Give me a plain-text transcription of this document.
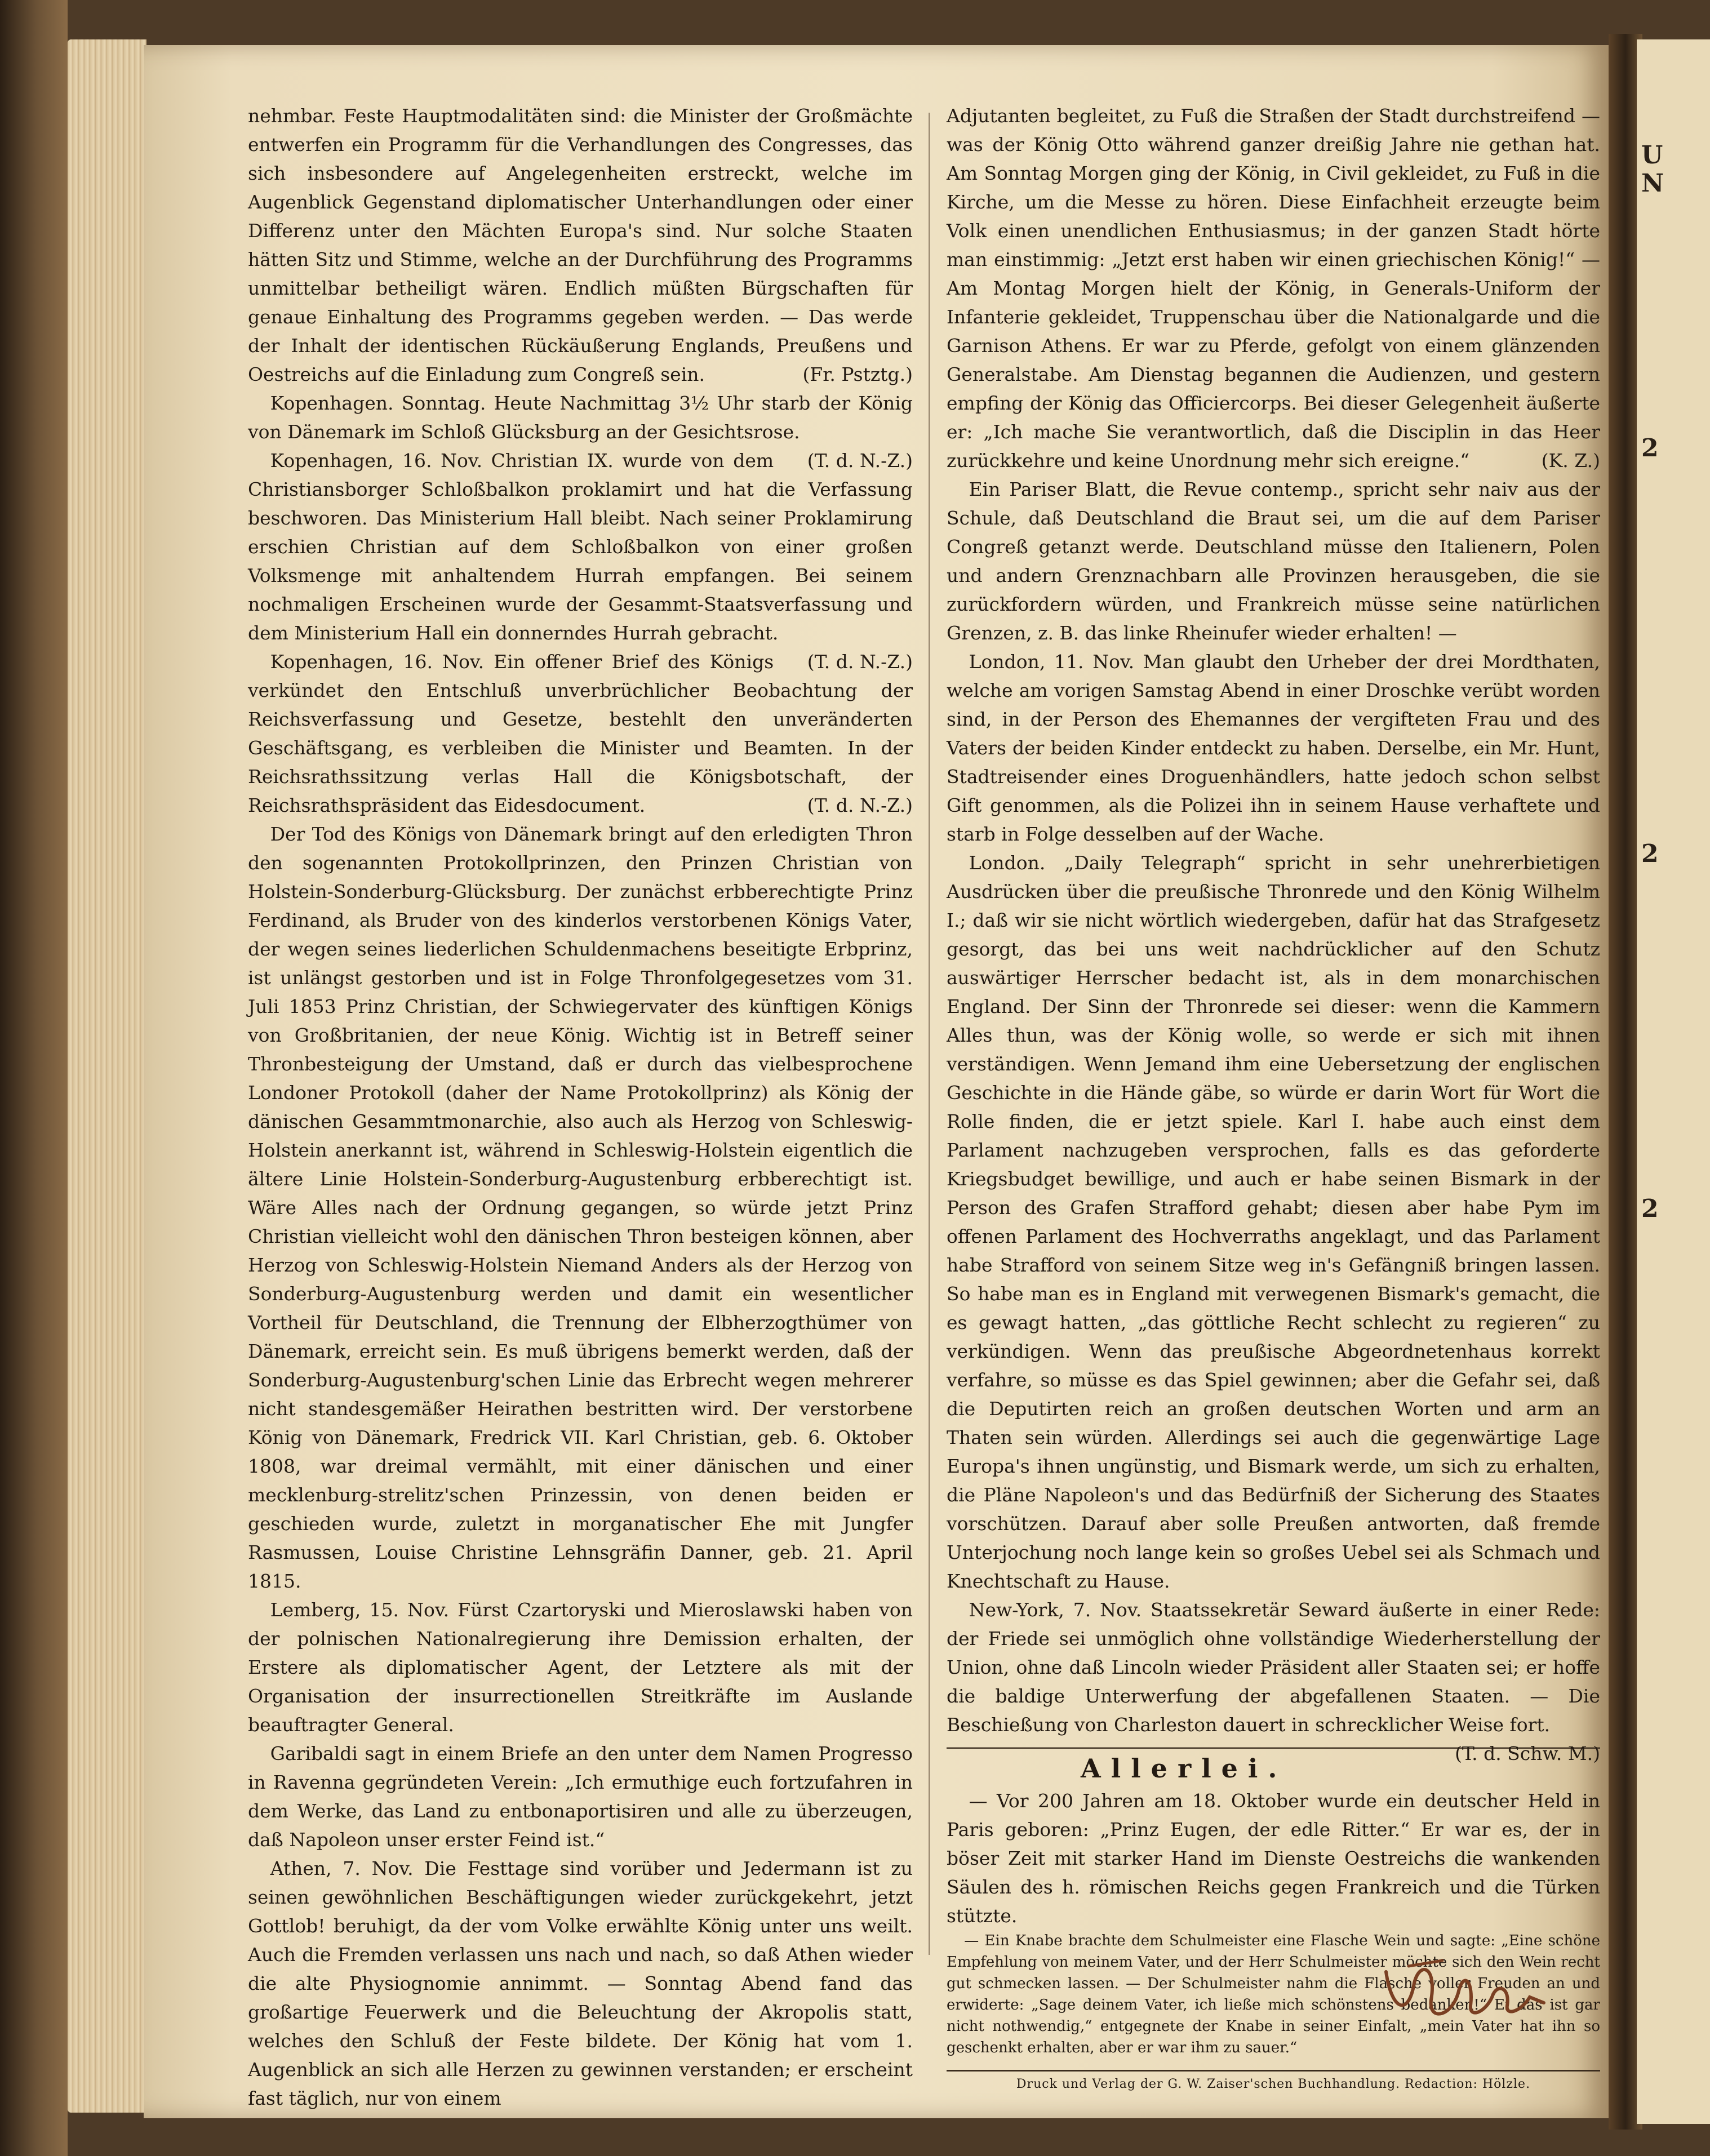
nehmbar. Feste Hauptmodalitäten sind: die Minister der Großmächte entwerfen ein Programm für die Verhandlungen des Congresses, das sich insbesondere auf Angelegenheiten erstreckt, welche im Augenblick Gegenstand diplomatischer Unterhandlungen oder einer Differenz unter den Mächten Europa's sind. Nur solche Staaten hätten Sitz und Stimme, welche an der Durchführung des Programms unmittelbar betheiligt wären. Endlich müßten Bürgschaften für genaue Einhaltung des Programms gegeben werden. — Das werde der Inhalt der identischen Rückäußerung Englands, Preußens und Oestreichs auf die Einladung zum Congreß sein.	(Fr. Pstztg.)

Kopenhagen. Sonntag. Heute Nachmittag 3½ Uhr starb der König von Dänemark im Schloß Glücksburg an der Gesichtsrose.
(T. d. N.-Z.)

Kopenhagen, 16. Nov. Christian IX. wurde von dem Christiansborger Schloßbalkon proklamirt und hat die Verfassung beschworen. Das Ministerium Hall bleibt. Nach seiner Proklamirung erschien Christian auf dem Schloßbalkon von einer großen Volksmenge mit anhaltendem Hurrah empfangen. Bei seinem nochmaligen Erscheinen wurde der Gesammt-Staatsverfassung und dem Ministerium Hall ein donnerndes Hurrah gebracht.
(T. d. N.-Z.)

Kopenhagen, 16. Nov. Ein offener Brief des Königs verkündet den Entschluß unverbrüchlicher Beobachtung der Reichsverfassung und Gesetze, bestehlt den unveränderten Geschäftsgang, es verbleiben die Minister und Beamten. In der Reichsrathssitzung verlas Hall die Königsbotschaft, der Reichsrathspräsident das Eidesdocument.	(T. d. N.-Z.)

Der Tod des Königs von Dänemark bringt auf den erledigten Thron den sogenannten Protokollprinzen, den Prinzen Christian von Holstein-Sonderburg-Glücksburg. Der zunächst erbberechtigte Prinz Ferdinand, als Bruder von des kinderlos verstorbenen Königs Vater, der wegen seines liederlichen Schuldenmachens beseitigte Erbprinz, ist unlängst gestorben und ist in Folge Thronfolgegesetzes vom 31. Juli 1853 Prinz Christian, der Schwiegervater des künftigen Königs von Großbritanien, der neue König. Wichtig ist in Betreff seiner Thronbesteigung der Umstand, daß er durch das vielbesprochene Londoner Protokoll (daher der Name Protokollprinz) als König der dänischen Gesammtmonarchie, also auch als Herzog von Schleswig-Holstein anerkannt ist, während in Schleswig-Holstein eigentlich die ältere Linie Holstein-Sonderburg-Augustenburg erbberechtigt ist. Wäre Alles nach der Ordnung gegangen, so würde jetzt Prinz Christian vielleicht wohl den dänischen Thron besteigen können, aber Herzog von Schleswig-Holstein Niemand Anders als der Herzog von Sonderburg-Augustenburg werden und damit ein wesentlicher Vortheil für Deutschland, die Trennung der Elbherzogthümer von Dänemark, erreicht sein. Es muß übrigens bemerkt werden, daß der Sonderburg-Augustenburg'schen Linie das Erbrecht wegen mehrerer nicht standesgemäßer Heirathen bestritten wird. Der verstorbene König von Dänemark, Fredrick VII. Karl Christian, geb. 6. Oktober 1808, war dreimal vermählt, mit einer dänischen und einer mecklenburg-strelitz'schen Prinzessin, von denen beiden er geschieden wurde, zuletzt in morganatischer Ehe mit Jungfer Rasmussen, Louise Christine Lehnsgräfin Danner, geb. 21. April 1815.

Lemberg, 15. Nov. Fürst Czartoryski und Mieroslawski haben von der polnischen Nationalregierung ihre Demission erhalten, der Erstere als diplomatischer Agent, der Letztere als mit der Organisation der insurrectionellen Streitkräfte im Auslande beauftragter General.

Garibaldi sagt in einem Briefe an den unter dem Namen Progresso in Ravenna gegründeten Verein: „Ich ermuthige euch fortzufahren in dem Werke, das Land zu entbonaportisiren und alle zu überzeugen, daß Napoleon unser erster Feind ist.“

Athen, 7. Nov. Die Festtage sind vorüber und Jedermann ist zu seinen gewöhnlichen Beschäftigungen wieder zurückgekehrt, jetzt Gottlob! beruhigt, da der vom Volke erwählte König unter uns weilt. Auch die Fremden verlassen uns nach und nach, so daß Athen wieder die alte Physiognomie annimmt. — Sonntag Abend fand das großartige Feuerwerk und die Beleuchtung der Akropolis statt, welches den Schluß der Feste bildete. Der König hat vom 1. Augenblick an sich alle Herzen zu gewinnen verstanden; er erscheint fast täglich, nur von einem

Adjutanten begleitet, zu Fuß die Straßen der Stadt durchstreifend — was der König Otto während ganzer dreißig Jahre nie gethan hat. Am Sonntag Morgen ging der König, in Civil gekleidet, zu Fuß in die Kirche, um die Messe zu hören. Diese Einfachheit erzeugte beim Volk einen unendlichen Enthusiasmus; in der ganzen Stadt hörte man einstimmig: „Jetzt erst haben wir einen griechischen König!“ — Am Montag Morgen hielt der König, in Generals-Uniform der Infanterie gekleidet, Truppenschau über die Nationalgarde und die Garnison Athens. Er war zu Pferde, gefolgt von einem glänzenden Generalstabe. Am Dienstag begannen die Audienzen, und gestern empfing der König das Officiercorps. Bei dieser Gelegenheit äußerte er: „Ich mache Sie verantwortlich, daß die Disciplin in das Heer zurückkehre und keine Unordnung mehr sich ereigne.“	(K. Z.)

Ein Pariser Blatt, die Revue contemp., spricht sehr naiv aus der Schule, daß Deutschland die Braut sei, um die auf dem Pariser Congreß getanzt werde. Deutschland müsse den Italienern, Polen und andern Grenznachbarn alle Provinzen herausgeben, die sie zurückfordern würden, und Frankreich müsse seine natürlichen Grenzen, z. B. das linke Rheinufer wieder erhalten! —

London, 11. Nov. Man glaubt den Urheber der drei Mordthaten, welche am vorigen Samstag Abend in einer Droschke verübt worden sind, in der Person des Ehemannes der vergifteten Frau und des Vaters der beiden Kinder entdeckt zu haben. Derselbe, ein Mr. Hunt, Stadtreisender eines Droguenhändlers, hatte jedoch schon selbst Gift genommen, als die Polizei ihn in seinem Hause verhaftete und starb in Folge desselben auf der Wache.

London. „Daily Telegraph“ spricht in sehr unehrerbietigen Ausdrücken über die preußische Thronrede und den König Wilhelm I.; daß wir sie nicht wörtlich wiedergeben, dafür hat das Strafgesetz gesorgt, das bei uns weit nachdrücklicher auf den Schutz auswärtiger Herrscher bedacht ist, als in dem monarchischen England. Der Sinn der Thronrede sei dieser: wenn die Kammern Alles thun, was der König wolle, so werde er sich mit ihnen verständigen. Wenn Jemand ihm eine Uebersetzung der englischen Geschichte in die Hände gäbe, so würde er darin Wort für Wort die Rolle finden, die er jetzt spiele. Karl I. habe auch einst dem Parlament nachzugeben versprochen, falls es das geforderte Kriegsbudget bewillige, und auch er habe seinen Bismark in der Person des Grafen Strafford gehabt; diesen aber habe Pym im offenen Parlament des Hochverraths angeklagt, und das Parlament habe Strafford von seinem Sitze weg in's Gefängniß bringen lassen. So habe man es in England mit verwegenen Bismark's gemacht, die es gewagt hatten, „das göttliche Recht schlecht zu regieren“ zu verkündigen. Wenn das preußische Abgeordnetenhaus korrekt verfahre, so müsse es das Spiel gewinnen; aber die Gefahr sei, daß die Deputirten reich an großen deutschen Worten und arm an Thaten sein würden. Allerdings sei auch die gegenwärtige Lage Europa's ihnen ungünstig, und Bismark werde, um sich zu erhalten, die Pläne Napoleon's und das Bedürfniß der Sicherung des Staates vorschützen. Darauf aber solle Preußen antworten, daß fremde Unterjochung noch lange kein so großes Uebel sei als Schmach und Knechtschaft zu Hause.

New-York, 7. Nov. Staatssekretär Seward äußerte in einer Rede: der Friede sei unmöglich ohne vollständige Wiederherstellung der Union, ohne daß Lincoln wieder Präsident aller Staaten sei; er hoffe die baldige Unterwerfung der abgefallenen Staaten. — Die Beschießung von Charleston dauert in schrecklicher Weise fort.
(T. d. Schw. M.)

Allerlei.

— Vor 200 Jahren am 18. Oktober wurde ein deutscher Held in Paris geboren: „Prinz Eugen, der edle Ritter.“ Er war es, der in böser Zeit mit starker Hand im Dienste Oestreichs die wankenden Säulen des h. römischen Reichs gegen Frankreich und die Türken stützte.

— Ein Knabe brachte dem Schulmeister eine Flasche Wein und sagte: „Eine schöne Empfehlung von meinem Vater, und der Herr Schulmeister möchte sich den Wein recht gut schmecken lassen. — Der Schulmeister nahm die Flasche voller Freuden an und erwiderte: „Sage deinem Vater, ich ließe mich schönstens bedanken!“ Ei das ist gar nicht nothwendig,“ entgegnete der Knabe in seiner Einfalt, „mein Vater hat ihn so geschenkt erhalten, aber er war ihm zu sauer.“

Druck und Verlag der G. W. Zaiser'schen Buchhandlung. Redaction: Hölzle.

U
N
2
2
2
